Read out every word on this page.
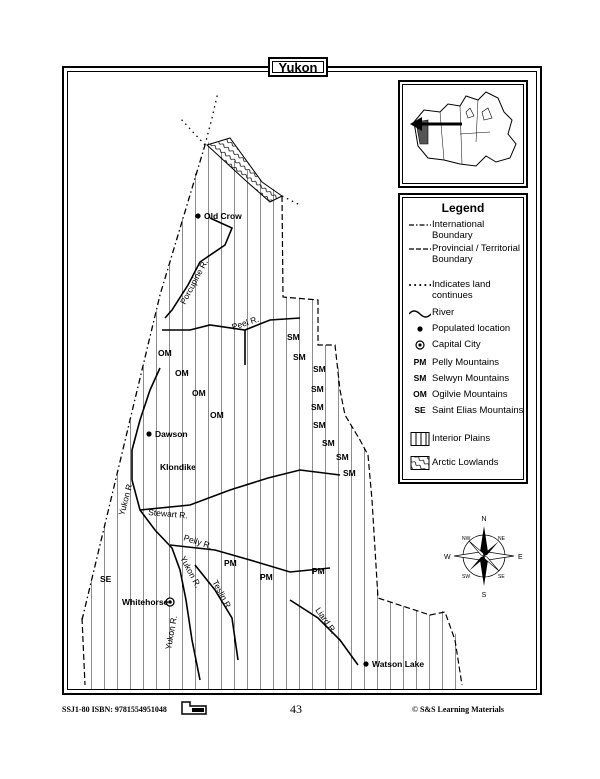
Old Crow
Dawson
Klondike
Whitehorse
Watson Lake
Porcupine R.
Peel R.
Yukon R. Stewart R.
Pelly R.
Yukon R.
Teslin R.
Liard R.
Yukon R.
OM
OM
OM
OM
SM
SM
SM
SM
SM
SM
SM
SM
SM
PM
PM
PM
SE
N
S
E
W
NE
NW
SE
SW
Yukon
Legend
International Boundary
Provincial / Territorial Boundary
Indicates land continues
River
Populated location
Capital City
PM Pelly Mountains
SM Selwyn Mountains
OM Ogilvie Mountains
SE Saint Elias Mountains
Interior Plains
Arctic Lowlands
SSJ1-80 ISBN: 9781554951048	43	© S&S Learning Materials
